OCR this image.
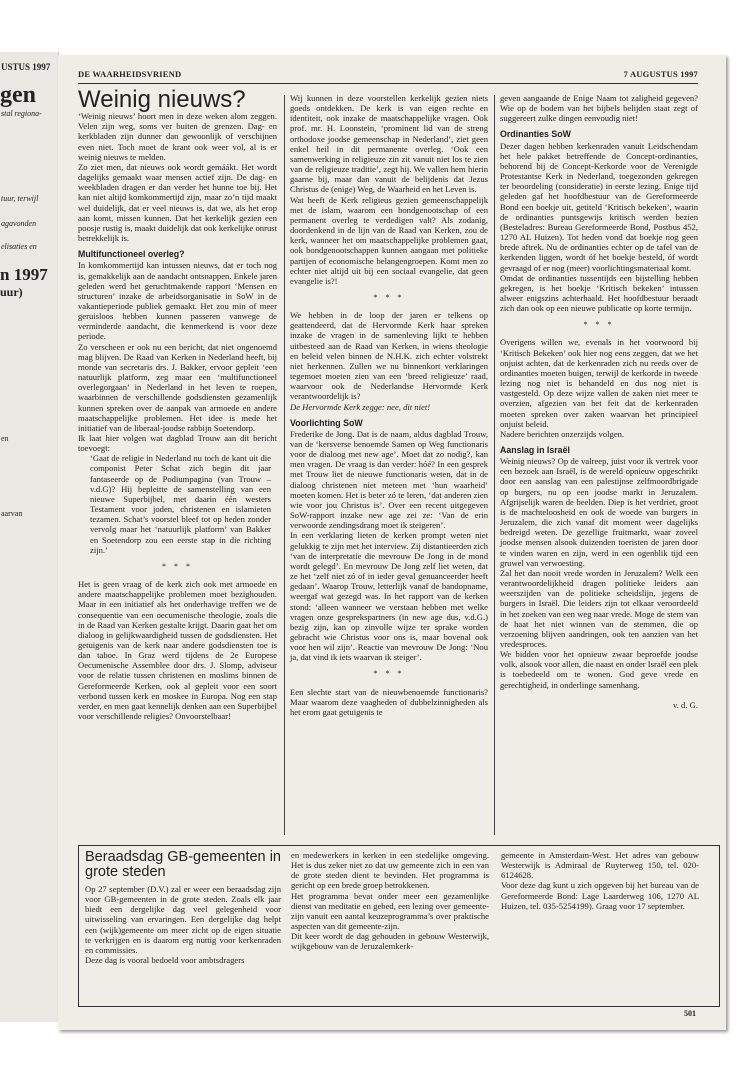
USTUS 1997
gen
stal regiona-
tuur, terwijl
agavonden
elisaties en
n 1997
uur)
en
aarvan
DE WAARHEIDSVRIEND	7 AUGUSTUS 1997
Weinig nieuws?

‘Weinig nieuws’ hoort men in deze weken alom zeggen. Velen zijn weg, soms ver buiten de grenzen. Dag- en kerkbladen zijn dunner dan gewoonlijk of verschijnen even niet. Toch moet de krant ook weer vol, al is er weinig nieuws te melden.

Zo ziet men, dat nieuws ook wordt gemáákt. Het wordt dagelijks gemaakt waar mensen actief zijn. De dag- en weekbladen dragen er dan verder het hunne toe bij. Het kan niet altijd komkommertijd zijn, maar zo’n tijd maakt wel duidelijk, dat er veel nieuws is, dat we, als het erop aan komt, missen kunnen. Dat het kerkelijk gezien een poosje rustig is, maakt duidelijk dat ook kerkelijke onrust betrekkelijk is.

Multifunctioneel overleg?

In komkommertijd kan intussen nieuws, dat er toch nog is, gemakkelijk aan de aandacht ontsnappen. Enkele jaren geleden werd het geruchtmakende rapport ‘Mensen en structuren’ inzake de arbeidsorganisatie in SoW in de vakantieperiode publiek gemaakt. Het zou min of meer geruisloos hebben kunnen passeren vanwege de verminderde aandacht, die kenmerkend is voor deze periode.

Zo verscheen er ook nu een bericht, dat niet ongenoemd mag blijven. De Raad van Kerken in Nederland heeft, bij monde van secretaris drs. J. Bakker, ervoor gepleit ‘een natuurlijk platform, zeg maar een ‘multifunctioneel overlegorgaan’ in Nederland in het leven te roepen, waarbinnen de verschillende godsdiensten gezamenlijk kunnen spreken over de aanpak van armoede en andere maatschappelijke problemen. Het idee is mede het initiatief van de liberaal-joodse rabbijn Soetendorp.

Ik laat hier volgen wat dagblad Trouw aan dit bericht toevoegt:

‘Gaat de religie in Nederland nu toch de kant uit die componist Peter Schat zich begin dit jaar fantaseerde op de Podiumpagina (van Trouw – v.d.G)? Hij bepleitte de samenstelling van een nieuwe Superbijbel, met daarin één westers Testament voor joden, christenen en islamieten tezamen. Schat’s voorstel bleef tot op heden zonder vervolg maar het ‘natuurlijk platform’ van Bakker en Soetendorp zou een eerste stap in die richting zijn.’

* * *

Het is geen vraag of de kerk zich ook met armoede en andere maatschappelijke problemen moet bezighouden. Maar in een initiatief als het onderhavige treffen we de consequentie van een oecumenische theologie, zoals die in de Raad van Kerken gestalte krijgt. Daarin gaat het om dialoog in gelijkwaardigheid tussen de godsdiensten. Het getuigenis van de kerk naar andere godsdiensten toe is dan taboe. In Graz werd tijdens de 2e Europese Oecumenische Assemblee door drs. J. Slomp, adviseur voor de relatie tussen christenen en moslims binnen de Gereformeerde Kerken, ook al gepleit voor een soort verbond tussen kerk en moskee in Europa. Nog een stap verder, en men gaat kennelijk denken aan een Superbijbel voor verschillende religies? Onvoorstelbaar!

Wij kunnen in deze voorstellen kerkelijk gezien niets goeds ontdekken. De kerk is van eigen rechte en identiteit, ook inzake de maatschappelijke vragen. Ook prof. mr. H. Loonstein, ‘prominent lid van de streng orthodoxe joodse gemeenschap in Nederland’, ziet geen enkel heil in dit permanente overleg. ‘Ook een samenwerking in religieuze zin zit vanuit niet los te zien van de religieuze traditie’, zegt hij. We vallen hem hierin gaarne bij, maar dan vanuit de belijdenis dat Jezus Christus de (enige) Weg, de Waarheid en het Leven is.

Wat heeft de Kerk religieus gezien gemeenschappelijk met de islam, waarom een bondgenootschap of een permanent overleg te verdedigen valt? Als zodanig, doordenkend in de lijn van de Raad van Kerken, zou de kerk, wanneer het om maatschappelijke problemen gaat, ook bondgenootschappen kunnen aangaan met politieke partijen of economische belangengroepen. Komt men zo echter niet altijd uit bij een sociaal evangelie, dat geen evangelie is?!

* * *

We hebben in de loop der jaren er telkens op geattendeerd, dat de Hervormde Kerk haar spreken inzake de vragen in de samenleving lijkt te hebben uitbesteed aan de Raad van Kerken, in wiens theologie en beleid velen binnen de N.H.K. zich echter volstrekt niet herkennen. Zullen we nu binnenkort verklaringen tegemoet moeten zien van een ‘breed religieuze’ raad, waarvoor ook de Nederlandse Hervormde Kerk verantwoordelijk is?

De Hervormde Kerk zegge: nee, dit niet!

Voorlichting SoW

Frederike de Jong. Dat is de naam, aldus dagblad Trouw, van de ‘kersverse benoemde Samen op Weg functionaris voor de dialoog met new age’. Moet dat zo nodig?, kan men vragen. De vraag is dan verder: hóé? In een gesprek met Trouw liet de nieuwe functionaris weten, dat in de dialoog christenen niet meteen met ‘hun waarheid’ moeten komen. Het is beter zó te leren, ‘dat anderen zien wie voor jou Christus is’. Over een recent uitgegeven SoW-rapport inzake new age zei ze: ‘Van de erin verwoorde zendingsdrang moet ik steigeren’.

In een verklaring lieten de kerken prompt weten niet gelukkig te zijn met het interview. Zij distantieerden zich ‘van de interpretatie die mevrouw De Jong in de mond wordt gelegd’. En mevrouw De Jong zelf liet weten, dat ze het ‘zelf niet zó of in ieder geval genuanceerder heeft gedaan’. Waarop Trouw, letterlijk vanaf de bandopname, weergaf wat gezegd was. In het rapport van de kerken stond: ‘alleen wanneer we verstaan hebben met welke vragen onze gesprekspartners (in new age dus, v.d.G.) bezig zijn, kan op zinvolle wijze ter sprake worden gebracht wie Christus voor ons is, maar bovenal ook voor hen wil zijn’. Reactie van mevrouw De Jong: ‘Nou ja, dat vind ik iets waarvan ik steiger’.

* * *

Een slechte start van de nieuwbenoemde functionaris? Maar waarom deze vaagheden of dubbelzinnigheden als het erom gaat getuigenis te

geven aangaande de Enige Naam tot zaligheid gegeven? Wie op de bodem van het bijbels belijden staat zegt of suggereert zulke dingen eenvoudig niet!

Ordinanties SoW

Dezer dagen hebben kerkenraden vanuit Leidschendam het hele pakket betreffende de Concept-ordinanties, behorend bij de Concept-Kerkorde voor de Verenigde Protestantse Kerk in Nederland, toegezonden gekregen ter beoordeling (consideratie) in eerste lezing. Enige tijd geleden gaf het hoofdbestuur van de Gereformeerde Bond een boekje uit, getiteld ‘Kritisch bekeken’, waarin de ordinanties puntsgewijs kritisch werden bezien (Besteladres: Bureau Gereformeerde Bond, Postbus 452, 1270 AL Huizen). Tot heden vond dat boekje nog geen brede aftrek. Nu de ordinanties echter op de tafel van de kerkenden liggen, wordt óf het boekje besteld, óf wordt gevraagd of er nog (meer) voorlichtingsmateriaal komt.

Omdat de ordinanties tussentijds een bijstelling hebben gekregen, is het boekje ‘Kritisch bekeken’ intussen alweer enigszins achterhaald. Het hoofdbestuur beraadt zich dan ook op een nieuwe publicatie op korte termijn.

* * *

Overigens willen we, evenals in het voorwoord bij ‘Kritisch Bekeken’ ook hier nog eens zeggen, dat we het onjuist achten, dat de kerkenraden zich nu reeds over de ordinanties moeten buigen, terwijl de kerkorde in tweede lezing nog niet is behandeld en dus nog niet is vastgesteld. Op deze wijze vallen de zaken niet meer te overzien, afgezien van het feit dat de kerkenraden moeten spreken over zaken waarvan het principieel onjuist beleid.

Nadere berichten onzerzijds volgen.

Aanslag in Israël

Weinig nieuws? Op de valreep, juist voor ik vertrek voor een bezoek aan Israël, is de wereld opnieuw opgeschrikt door een aanslag van een palestijnse zelfmoordbrigade op burgers, nu op een joodse markt in Jeruzalem. Afgrijselijk waren de beelden. Diep is het verdriet, groot is de machteloosheid en ook de woede van burgers in Jeruzalem, die zich vanaf dit moment weer dagelijks bedreigd weten. De gezellige fruitmarkt, waar zoveel joodse mensen alsook duizenden toeristen de jaren door te vinden waren en zijn, werd in een ogenblik tijd een gruwel van verwoesting.

Zal het dan nooit vrede worden in Jeruzalem? Welk een verantwoordelijkheid dragen politieke leiders aan weerszijden van de politieke scheidslijn, jegens de burgers in Israël. Die leiders zijn tot elkaar veroordeeld in het zoeken van een weg naar vrede. Moge de stem van de haat het niet winnen van de stemmen, die op verzoening blijven aandringen, ook ten aanzien van het vredesproces.

We bidden voor het opnieuw zwaar beproefde joodse volk, alsook voor allen, die naast en onder Israël een plek is toebedeeld om te wonen. God geve vrede en gerechtigheid, in onderlinge samenhang.

v. d. G.
Beraadsdag GB-gemeenten in grote steden

Op 27 september (D.V.) zal er weer een beraadsdag zijn voor GB-gemeenten in de grote steden. Zoals elk jaar biedt een dergelijke dag veel gelegenheid voor uitwisseling van ervaringen. Een dergelijke dag helpt een (wijk)gemeente om meer zicht op de eigen situatie te verkrijgen en is daarom erg nuttig voor kerkenraden en commissies.

Deze dag is vooral bedoeld voor ambtsdragers

en medewerkers in kerken in een stedelijke omgeving. Het is dus zeker niet zo dat uw gemeente zich in een van de grote steden dient te bevinden. Het programma is gericht op een brede groep betrokkenen.

Het programma bevat onder meer een gezamenlijke dienst van meditatie en gebed, een lezing over gemeente-zijn vanuit een aantal keuzeprogramma’s over praktische aspecten van dit gemeente-zijn.

Dit keer wordt de dag gehouden in gebouw Westerwijk, wijkgebouw van de Jeruzalemkerk-

gemeente in Amsterdam-West. Het adres van gebouw Westerwijk is Admiraal de Ruyterweg 150, tel. 020-6124628.

Voor deze dag kunt u zich opgeven bij het bureau van de Gereformeerde Bond: Lage Laarderweg 106, 1270 AL Huizen, tel. 035-5254199). Graag voor 17 september.

501
